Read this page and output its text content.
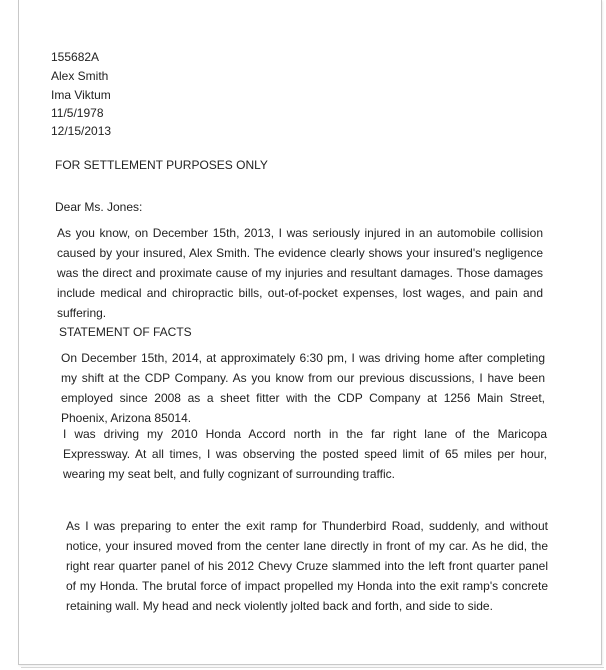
155682A
Alex Smith
Ima Viktum
11/5/1978
12/15/2013
FOR SETTLEMENT PURPOSES ONLY
Dear Ms. Jones:
As you know, on December 15th, 2013, I was seriously injured in an automobile collision caused by your insured, Alex Smith. The evidence clearly shows your insured's negligence was the direct and proximate cause of my injuries and resultant damages. Those damages include medical and chiropractic bills, out-of-pocket expenses, lost wages, and pain and suffering.
STATEMENT OF FACTS
On December 15th, 2014, at approximately 6:30 pm, I was driving home after completing my shift at the CDP Company. As you know from our previous discussions, I have been employed since 2008 as a sheet fitter with the CDP Company at 1256 Main Street, Phoenix, Arizona 85014.
I was driving my 2010 Honda Accord north in the far right lane of the Maricopa Expressway. At all times, I was observing the posted speed limit of 65 miles per hour, wearing my seat belt, and fully cognizant of surrounding traffic.
As I was preparing to enter the exit ramp for Thunderbird Road, suddenly, and without notice, your insured moved from the center lane directly in front of my car. As he did, the right rear quarter panel of his 2012 Chevy Cruze slammed into the left front quarter panel of my Honda. The brutal force of impact propelled my Honda into the exit ramp's concrete retaining wall. My head and neck violently jolted back and forth, and side to side.
